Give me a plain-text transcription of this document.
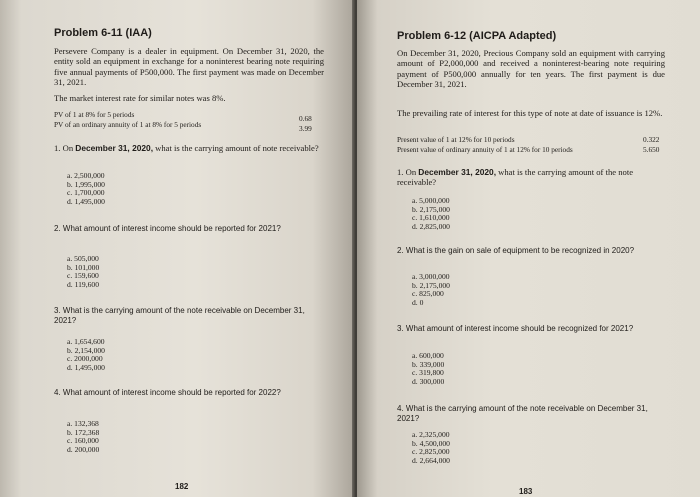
Problem 6-11 (IAA)
Persevere Company is a dealer in equipment. On December 31, 2020, the entity sold an equipment in exchange for a noninterest bearing note requiring five annual payments of P500,000. The first payment was made on December 31, 2021.
The market interest rate for similar notes was 8%.
PV of 1 at 8% for 5 periods	0.68
PV of an ordinary annuity of 1 at 8% for 5 periods	3.99
1. On December 31, 2020, what is the carrying amount of note receivable?
a. 2,500,000
b. 1,995,000
c. 1,700,000
d. 1,495,000
2. What amount of interest income should be reported for 2021?
a. 505,000
b. 101,000
c. 159,600
d. 119,600
3. What is the carrying amount of the note receivable on December 31, 2021?
a. 1,654,600
b. 2,154,000
c. 2000,000
d. 1,495,000
4. What amount of interest income should be reported for 2022?
a. 132,368
b. 172,368
c. 160,000
d. 200,000
182
Problem 6-12 (AICPA Adapted)
On December 31, 2020, Precious Company sold an equipment with carrying amount of P2,000,000 and received a noninterest-bearing note requiring payment of P500,000 annually for ten years. The first payment is due December 31, 2021.
The prevailing rate of interest for this type of note at date of issuance is 12%.
Present value of 1 at 12% for 10 periods	0.322
Present value of ordinary annuity of 1 at 12% for 10 periods	5.650
1. On December 31, 2020, what is the carrying amount of the note receivable?
a. 5,000,000
b. 2,175,000
c. 1,610,000
d. 2,825,000
2. What is the gain on sale of equipment to be recognized in 2020?
a. 3,000,000
b. 2,175,000
c. 825,000
d. 0
3. What amount of interest income should be recognized for 2021?
a. 600,000
b. 339,000
c. 319,800
d. 300,000
4. What is the carrying amount of the note receivable on December 31, 2021?
a. 2,325,000
b. 4,500,000
c. 2,825,000
d. 2,664,000
183
